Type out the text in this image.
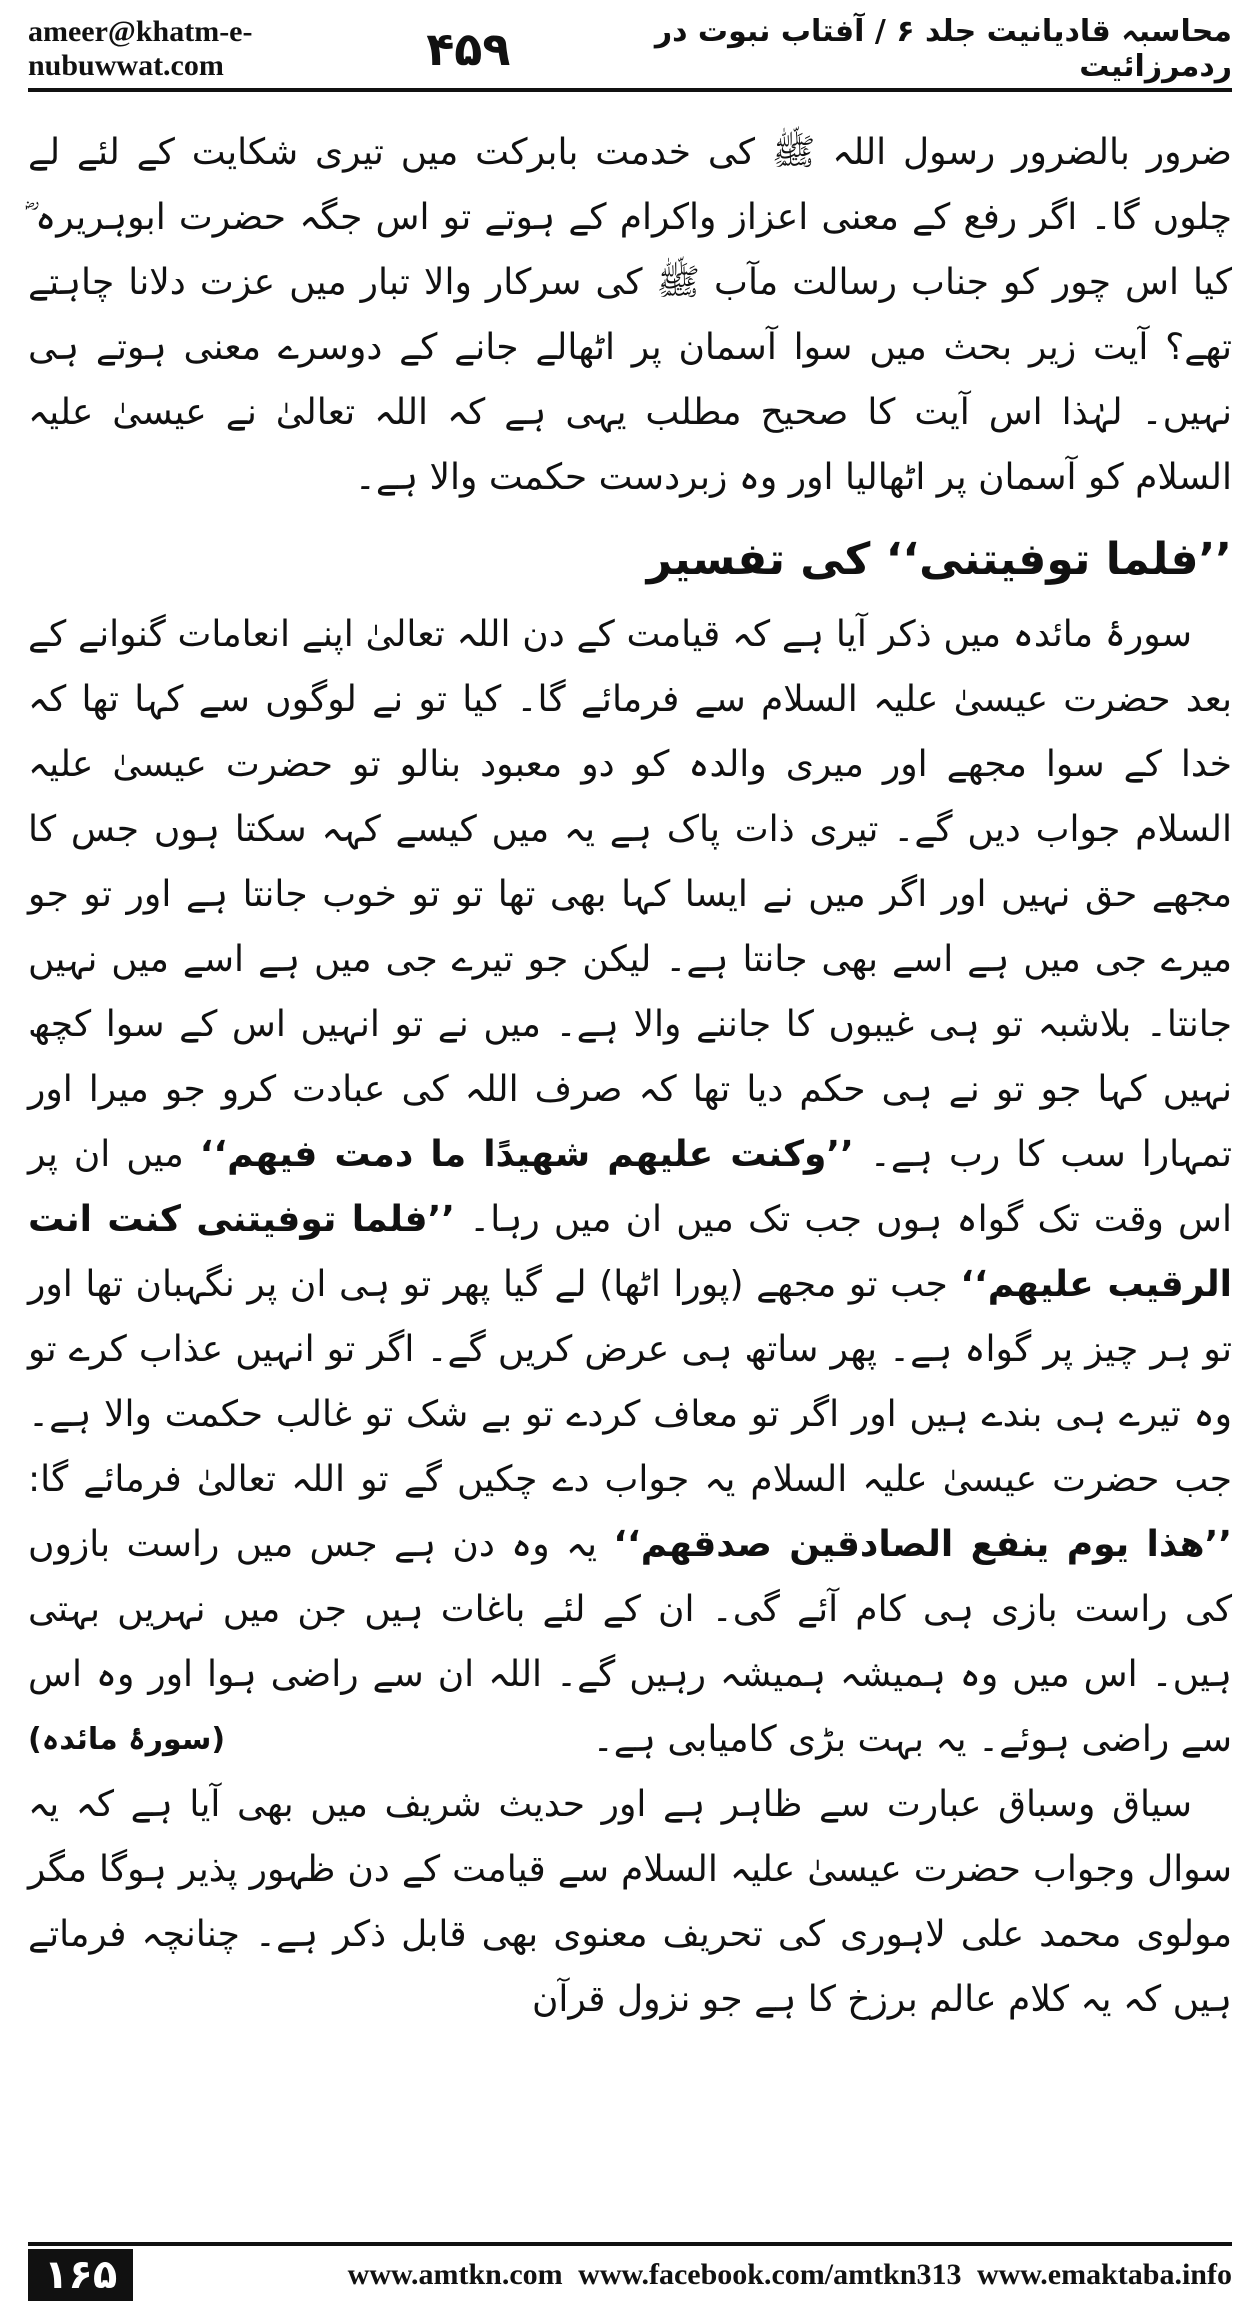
ameer@khatm-e-nubuwwat.com
محاسبہ قادیانیت جلد ۶ / آفتاب نبوت در ردمرزائیت
۴۵۹

ضرور بالضرور رسول اللہ ﷺ کی خدمت بابرکت میں تیری شکایت کے لئے لے چلوں گا۔ اگر رفع کے معنی اعزاز واکرام کے ہوتے تو اس جگہ حضرت ابوہریرہ ؓ کیا اس چور کو جناب رسالت مآب ﷺ کی سرکار والا تبار میں عزت دلانا چاہتے تھے؟ آیت زیر بحث میں سوا آسمان پر اٹھالے جانے کے دوسرے معنی ہوتے ہی نہیں۔ لہٰذا اس آیت کا صحیح مطلب یہی ہے کہ اللہ تعالیٰ نے عیسیٰ علیہ السلام کو آسمان پر اٹھالیا اور وہ زبردست حکمت والا ہے۔

’’فلما توفیتنی‘‘ کی تفسیر

سورۂ مائدہ میں ذکر آیا ہے کہ قیامت کے دن اللہ تعالیٰ اپنے انعامات گنوانے کے بعد حضرت عیسیٰ علیہ السلام سے فرمائے گا۔ کیا تو نے لوگوں سے کہا تھا کہ خدا کے سوا مجھے اور میری والدہ کو دو معبود بنالو تو حضرت عیسیٰ علیہ السلام جواب دیں گے۔ تیری ذات پاک ہے یہ میں کیسے کہہ سکتا ہوں جس کا مجھے حق نہیں اور اگر میں نے ایسا کہا بھی تھا تو تو خوب جانتا ہے اور تو جو میرے جی میں ہے اسے بھی جانتا ہے۔ لیکن جو تیرے جی میں ہے اسے میں نہیں جانتا۔ بلاشبہ تو ہی غیبوں کا جاننے والا ہے۔ میں نے تو انہیں اس کے سوا کچھ نہیں کہا جو تو نے ہی حکم دیا تھا کہ صرف اللہ کی عبادت کرو جو میرا اور تمہارا سب کا رب ہے۔ ’’وکنت علیھم شھیدًا ما دمت فیھم‘‘ میں ان پر اس وقت تک گواہ ہوں جب تک میں ان میں رہا۔ ’’فلما توفیتنی کنت انت الرقیب علیھم‘‘ جب تو مجھے (پورا اٹھا) لے گیا پھر تو ہی ان پر نگہبان تھا اور تو ہر چیز پر گواہ ہے۔ پھر ساتھ ہی عرض کریں گے۔ اگر تو انہیں عذاب کرے تو وہ تیرے ہی بندے ہیں اور اگر تو معاف کردے تو بے شک تو غالب حکمت والا ہے۔ جب حضرت عیسیٰ علیہ السلام یہ جواب دے چکیں گے تو اللہ تعالیٰ فرمائے گا: ’’ھذا یوم ینفع الصادقین صدقھم‘‘ یہ وہ دن ہے جس میں راست بازوں کی راست بازی ہی کام آئے گی۔ ان کے لئے باغات ہیں جن میں نہریں بہتی ہیں۔ اس میں وہ ہمیشہ ہمیشہ رہیں گے۔ اللہ ان سے راضی ہوا اور وہ اس سے راضی ہوئے۔ یہ بہت بڑی کامیابی ہے۔
(سورۂ مائدہ)

سیاق وسباق عبارت سے ظاہر ہے اور حدیث شریف میں بھی آیا ہے کہ یہ سوال وجواب حضرت عیسیٰ علیہ السلام سے قیامت کے دن ظہور پذیر ہوگا مگر مولوی محمد علی لاہوری کی تحریف معنوی بھی قابل ذکر ہے۔ چنانچہ فرماتے ہیں کہ یہ کلام عالم برزخ کا ہے جو نزول قرآن

۱۶۵	www.amtkn.com www.facebook.com/amtkn313 www.emaktaba.info
